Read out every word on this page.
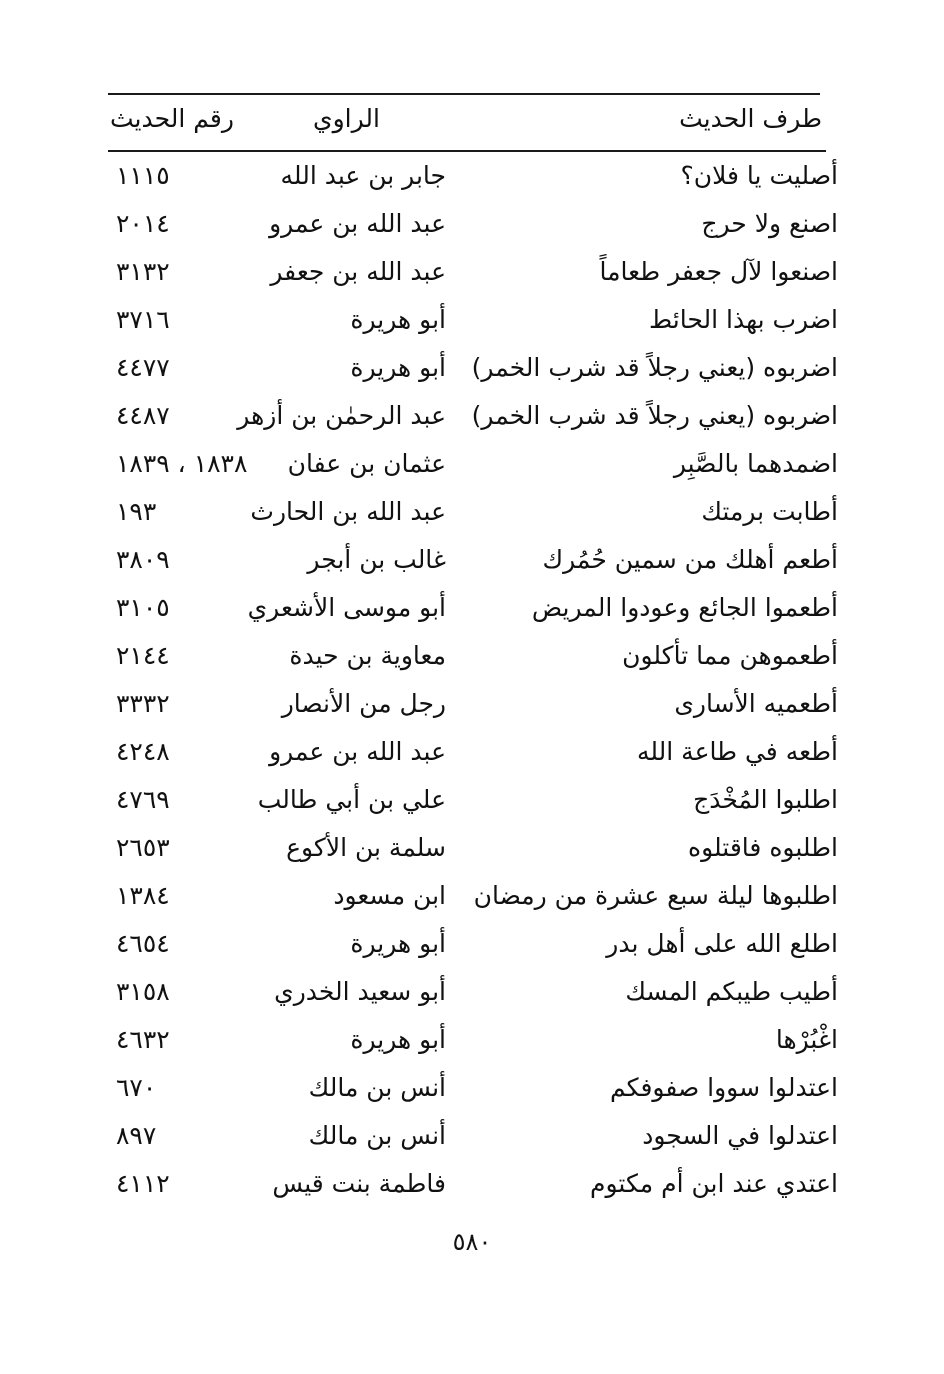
طرف الحديث
الراوي
رقم الحديث
أصليت يا فلان؟
جابر بن عبد الله
١١١٥
اصنع ولا حرج
عبد الله بن عمرو
٢٠١٤
اصنعوا لآل جعفر طعاماً
عبد الله بن جعفر
٣١٣٢
اضرب بهذا الحائط
أبو هريرة
٣٧١٦
اضربوه (يعني رجلاً قد شرب الخمر)
أبو هريرة
٤٤٧٧
اضربوه (يعني رجلاً قد شرب الخمر)
عبد الرحمٰن بن أزهر
٤٤٨٧
اضمدهما بالصَّبِر
عثمان بن عفان
١٨٣٨ ، ١٨٣٩
أطابت برمتك
عبد الله بن الحارث
١٩٣
أطعم أهلك من سمين حُمُرك
غالب بن أبجر
٣٨٠٩
أطعموا الجائع وعودوا المريض
أبو موسى الأشعري
٣١٠٥
أطعموهن مما تأكلون
معاوية بن حيدة
٢١٤٤
أطعميه الأسارى
رجل من الأنصار
٣٣٣٢
أطعه في طاعة الله
عبد الله بن عمرو
٤٢٤٨
اطلبوا المُخْدَج
علي بن أبي طالب
٤٧٦٩
اطلبوه فاقتلوه
سلمة بن الأكوع
٢٦٥٣
اطلبوها ليلة سبع عشرة من رمضان
ابن مسعود
١٣٨٤
اطلع الله على أهل بدر
أبو هريرة
٤٦٥٤
أطيب طيبكم المسك
أبو سعيد الخدري
٣١٥٨
اغْبُرْها
أبو هريرة
٤٦٣٢
اعتدلوا سووا صفوفكم
أنس بن مالك
٦٧٠
اعتدلوا في السجود
أنس بن مالك
٨٩٧
اعتدي عند ابن أم مكتوم
فاطمة بنت قيس
٤١١٢
٥٨٠
